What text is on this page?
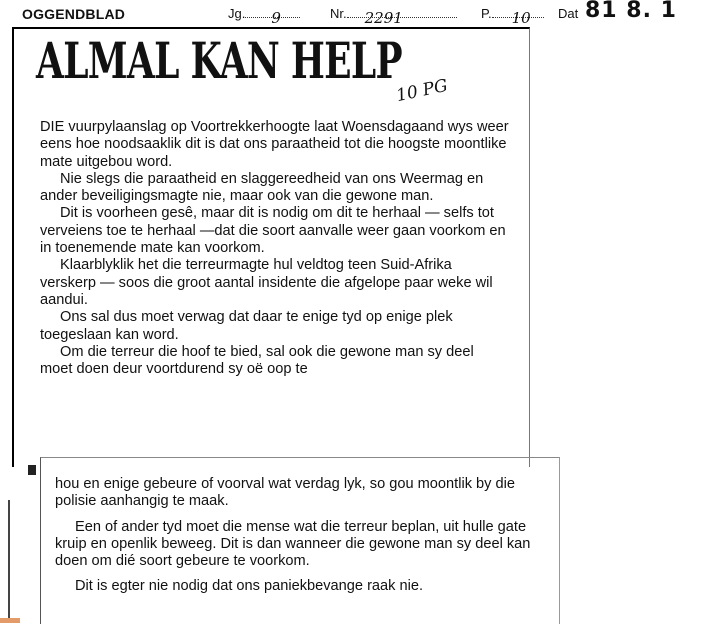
OGGENDBLAD	Jg. 9	Nr. 2291	P. 10 Dat 81 8. 1
ALMAL KAN HELP
10 PG

DIE vuurpylaanslag op Voortrekkerhoogte laat Woensdagaand wys weer eens hoe noodsaaklik dit is dat ons paraatheid tot die hoogste moontlike mate uitgebou word.

Nie slegs die paraatheid en slaggereedheid van ons Weermag en ander beveiligingsmagte nie, maar ook van die gewone man.

Dit is voorheen gesê, maar dit is nodig om dit te herhaal — selfs tot verveiens toe te herhaal —dat die soort aanvalle weer gaan voorkom en in toenemende mate kan voorkom.

Klaarblyklik het die terreurmagte hul veldtog teen Suid-Afrika verskerp — soos die groot aantal insidente die afgelope paar weke wil aandui.

Ons sal dus moet verwag dat daar te enige tyd op enige plek toegeslaan kan word.

Om die terreur die hoof te bied, sal ook die gewone man sy deel moet doen deur voortdurend sy oë oop te

hou en enige gebeure of voorval wat verdag lyk, so gou moontlik by die polisie aanhangig te maak.

Een of ander tyd moet die mense wat die terreur beplan, uit hulle gate kruip en openlik beweeg. Dit is dan wanneer die gewone man sy deel kan doen om dié soort gebeure te voorkom.

Dit is egter nie nodig dat ons paniekbevange raak nie.
